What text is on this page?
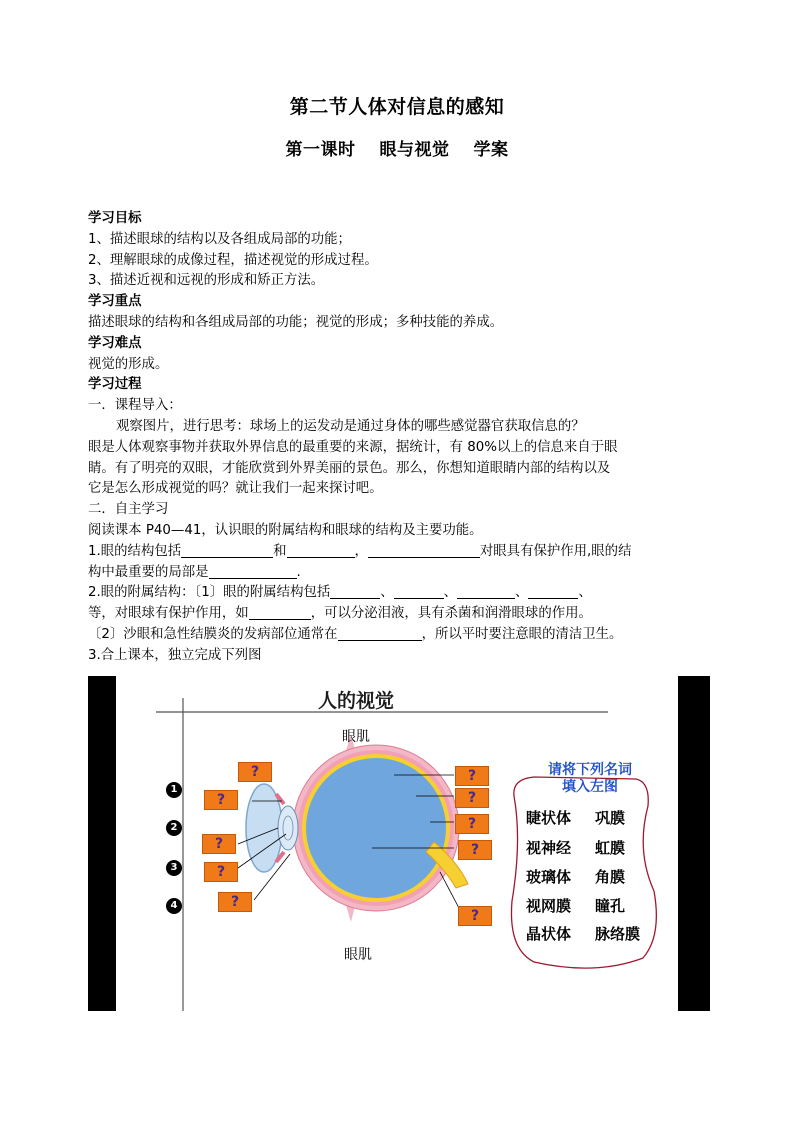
第二节人体对信息的感知
第一课时 眼与视觉 学案
学习目标
1、描述眼球的结构以及各组成局部的功能；
2、理解眼球的成像过程，描述视觉的形成过程。
3、描述近视和远视的形成和矫正方法。
学习重点
描述眼球的结构和各组成局部的功能；视觉的形成；多种技能的养成。
学习难点
视觉的形成。
学习过程
一．课程导入：
观察图片，进行思考：球场上的运发动是通过身体的哪些感觉器官获取信息的？
眼是人体观察事物并获取外界信息的最重要的来源，据统计，有 80%以上的信息来自于眼
睛。有了明亮的双眼，才能欣赏到外界美丽的景色。那么，你想知道眼睛内部的结构以及
它是怎么形成视觉的吗？就让我们一起来探讨吧。
二．自主学习
阅读课本 P40—41，认识眼的附属结构和眼球的结构及主要功能。
1.眼的结构包括	和	，	对眼具有保护作用,眼的结
构中最重要的局部是	.
2.眼的附属结构：〔1〕眼的附属结构包括	、	、	、	、
等，对眼球有保护作用，如	，可以分泌泪液，具有杀菌和润滑眼球的作用。
〔2〕沙眼和急性结膜炎的发病部位通常在	，所以平时要注意眼的清洁卫生。
3.合上课本，独立完成下列图
人的视觉
眼肌
眼肌
?
?
?
?
?
?
?
?
?
?
1
2
3
4
请将下列名词
填入左图
睫状体 巩膜
视神经 虹膜
玻璃体 角膜
视网膜 瞳孔
晶状体 脉络膜
